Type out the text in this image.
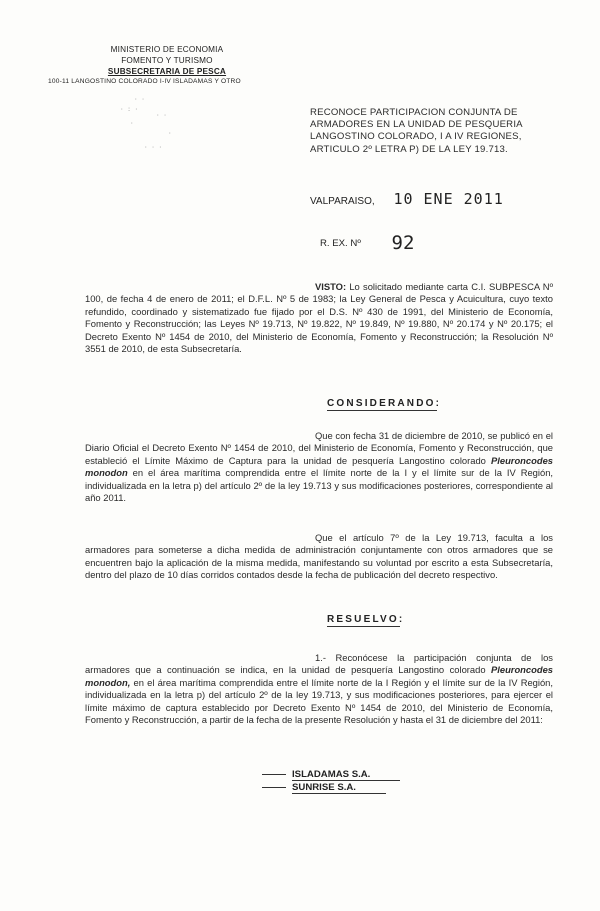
MINISTERIO DE ECONOMIA
FOMENTO Y TURISMO
SUBSECRETARIA DE PESCA
100-11 LANGOSTINO COLORADO I-IV ISLADAMAS Y OTRO
· ·
· : ·
· ·
·
·
· · ·
RECONOCE PARTICIPACION CONJUNTA DE
ARMADORES EN LA UNIDAD DE PESQUERIA
LANGOSTINO COLORADO, I A IV REGIONES,
ARTICULO 2º LETRA P) DE LA LEY 19.713.
VALPARAISO, 10 ENE 2011
R. EX. Nº 92
VISTO: Lo solicitado mediante carta C.I. SUBPESCA Nº 100, de fecha 4 de enero de 2011; el D.F.L. Nº 5 de 1983; la Ley General de Pesca y Acuicultura, cuyo texto refundido, coordinado y sistematizado fue fijado por el D.S. Nº 430 de 1991, del Ministerio de Economía, Fomento y Reconstrucción; las Leyes Nº 19.713, Nº 19.822, Nº 19.849, Nº 19.880, Nº 20.174 y Nº 20.175; el Decreto Exento Nº 1454 de 2010, del Ministerio de Economía, Fomento y Reconstrucción; la Resolución Nº 3551 de 2010, de esta Subsecretaría.
CONSIDERANDO:
Que con fecha 31 de diciembre de 2010, se publicó en el Diario Oficial el Decreto Exento Nº 1454 de 2010, del Ministerio de Economía, Fomento y Reconstrucción, que estableció el Límite Máximo de Captura para la unidad de pesquería Langostino colorado Pleuroncodes monodon en el área marítima comprendida entre el límite norte de la I y el límite sur de la IV Región, individualizada en la letra p) del artículo 2º de la ley 19.713 y sus modificaciones posteriores, correspondiente al año 2011.
Que el artículo 7º de la Ley 19.713, faculta a los armadores para someterse a dicha medida de administración conjuntamente con otros armadores que se encuentren bajo la aplicación de la misma medida, manifestando su voluntad por escrito a esta Subsecretaría, dentro del plazo de 10 días corridos contados desde la fecha de publicación del decreto respectivo.
RESUELVO:
1.- Reconócese la participación conjunta de los armadores que a continuación se indica, en la unidad de pesquería Langostino colorado Pleuroncodes monodon, en el área marítima comprendida entre el límite norte de la I Región y el límite sur de la IV Región, individualizada en la letra p) del artículo 2º de la ley 19.713, y sus modificaciones posteriores, para ejercer el límite máximo de captura establecido por Decreto Exento Nº 1454 de 2010, del Ministerio de Economía, Fomento y Reconstrucción, a partir de la fecha de la presente Resolución y hasta el 31 de diciembre del 2011:
ISLADAMAS S.A.
SUNRISE S.A.
